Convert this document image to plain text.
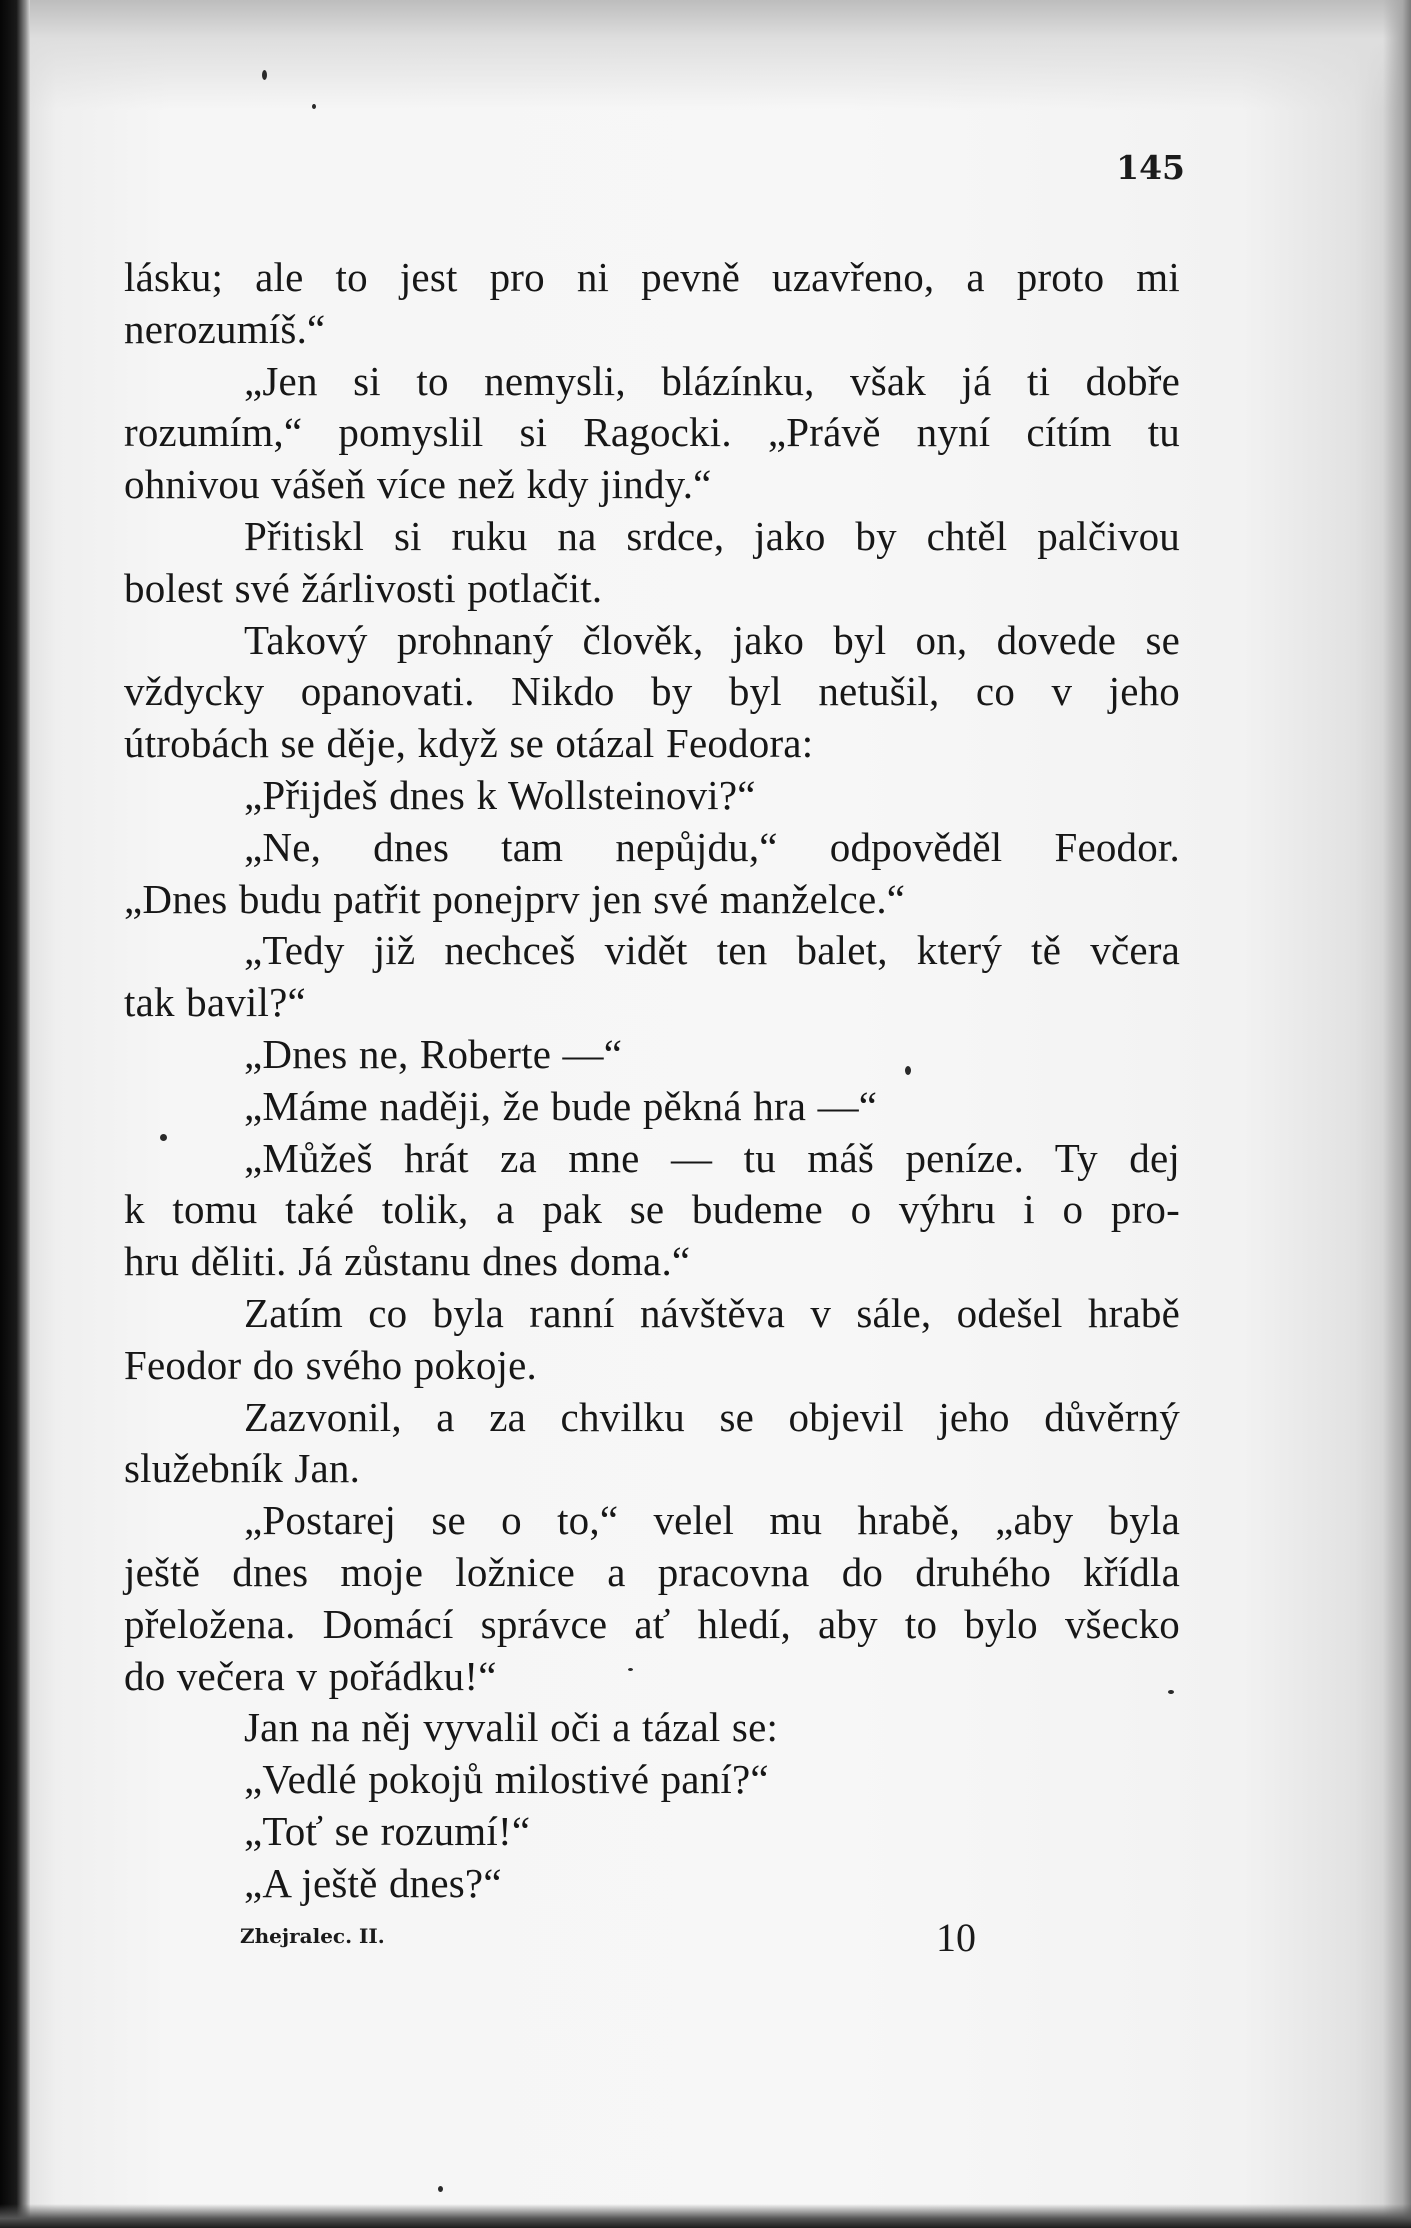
145
lásku; ale to jest pro ni pevně uzavřeno, a proto mi
nerozumíš.“
„Jen si to nemysli, blázínku, však já ti dobře
rozumím,“ pomyslil si Ragocki. „Právě nyní cítím tu
ohnivou vášeň více než kdy jindy.“
Přitiskl si ruku na srdce, jako by chtěl palčivou
bolest své žárlivosti potlačit.
Takový prohnaný člověk, jako byl on, dovede se
vždycky opanovati. Nikdo by byl netušil, co v jeho
útrobách se děje, když se otázal Feodora:
„Přijdeš dnes k Wollsteinovi?“
„Ne, dnes tam nepůjdu,“ odpověděl Feodor.
„Dnes budu patřit ponejprv jen své manželce.“
„Tedy již nechceš vidět ten balet, který tě včera
tak bavil?“
„Dnes ne, Roberte —“
„Máme naději, že bude pěkná hra —“
„Můžeš hrát za mne — tu máš peníze. Ty dej
k tomu také tolik, a pak se budeme o výhru i o pro-
hru děliti. Já zůstanu dnes doma.“
Zatím co byla ranní návštěva v sále, odešel hrabě
Feodor do svého pokoje.
Zazvonil, a za chvilku se objevil jeho důvěrný
služebník Jan.
„Postarej se o to,“ velel mu hrabě, „aby byla
ještě dnes moje ložnice a pracovna do druhého křídla
přeložena. Domácí správce ať hledí, aby to bylo všecko
do večera v pořádku!“
Jan na něj vyvalil oči a tázal se:
„Vedlé pokojů milostivé paní?“
„Toť se rozumí!“
„A ještě dnes?“
Zhejralec. II.	10
